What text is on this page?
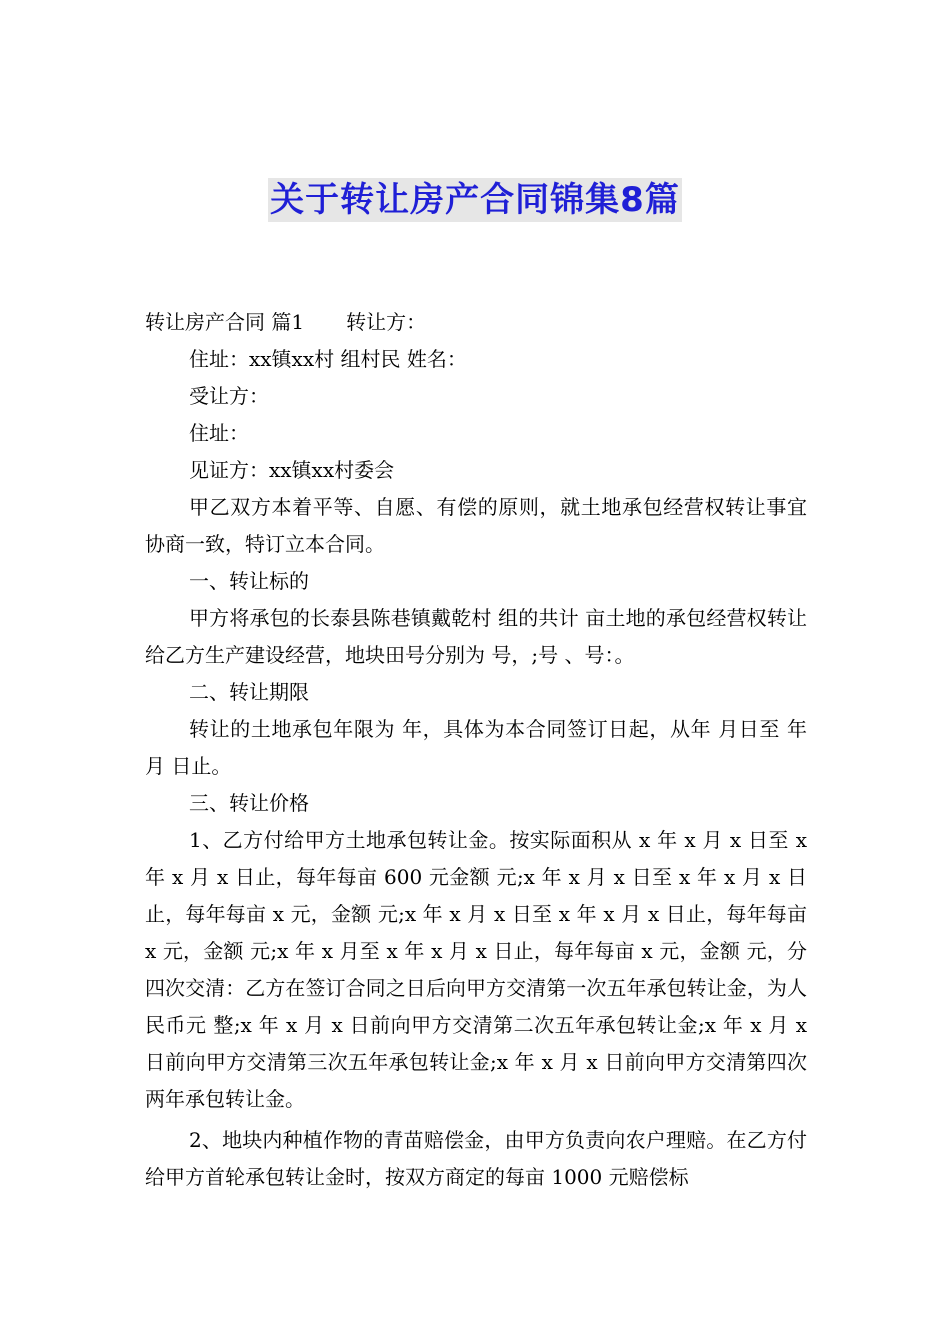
关于转让房产合同锦集8篇

转让房产合同 篇1 转让方：

住址：xx镇xx村 组村民 姓名：

受让方：

住址：

见证方：xx镇xx村委会

甲乙双方本着平等、自愿、有偿的原则，就土地承包经营权转让事宜协商一致，特订立本合同。

一、转让标的

甲方将承包的长泰县陈巷镇戴乾村 组的共计 亩土地的承包经营权转让给乙方生产建设经营，地块田号分别为 号，;号 、号：。

二、转让期限

转让的土地承包年限为 年，具体为本合同签订日起，从年 月日至 年 月 日止。

三、转让价格

1、乙方付给甲方土地承包转让金。按实际面积从 x 年 x 月 x 日至 x 年 x 月 x 日止，每年每亩 600 元金额 元;x 年 x 月 x 日至 x 年 x 月 x 日止，每年每亩 x 元，金额 元;x 年 x 月 x 日至 x 年 x 月 x 日止，每年每亩 x 元，金额 元;x 年 x 月至 x 年 x 月 x 日止，每年每亩 x 元，金额 元，分四次交清：乙方在签订合同之日后向甲方交清第一次五年承包转让金，为人民币元 整;x 年 x 月 x 日前向甲方交清第二次五年承包转让金;x 年 x 月 x 日前向甲方交清第三次五年承包转让金;x 年 x 月 x 日前向甲方交清第四次两年承包转让金。

2、地块内种植作物的青苗赔偿金，由甲方负责向农户理赔。在乙方付给甲方首轮承包转让金时，按双方商定的每亩 1000 元赔偿标
